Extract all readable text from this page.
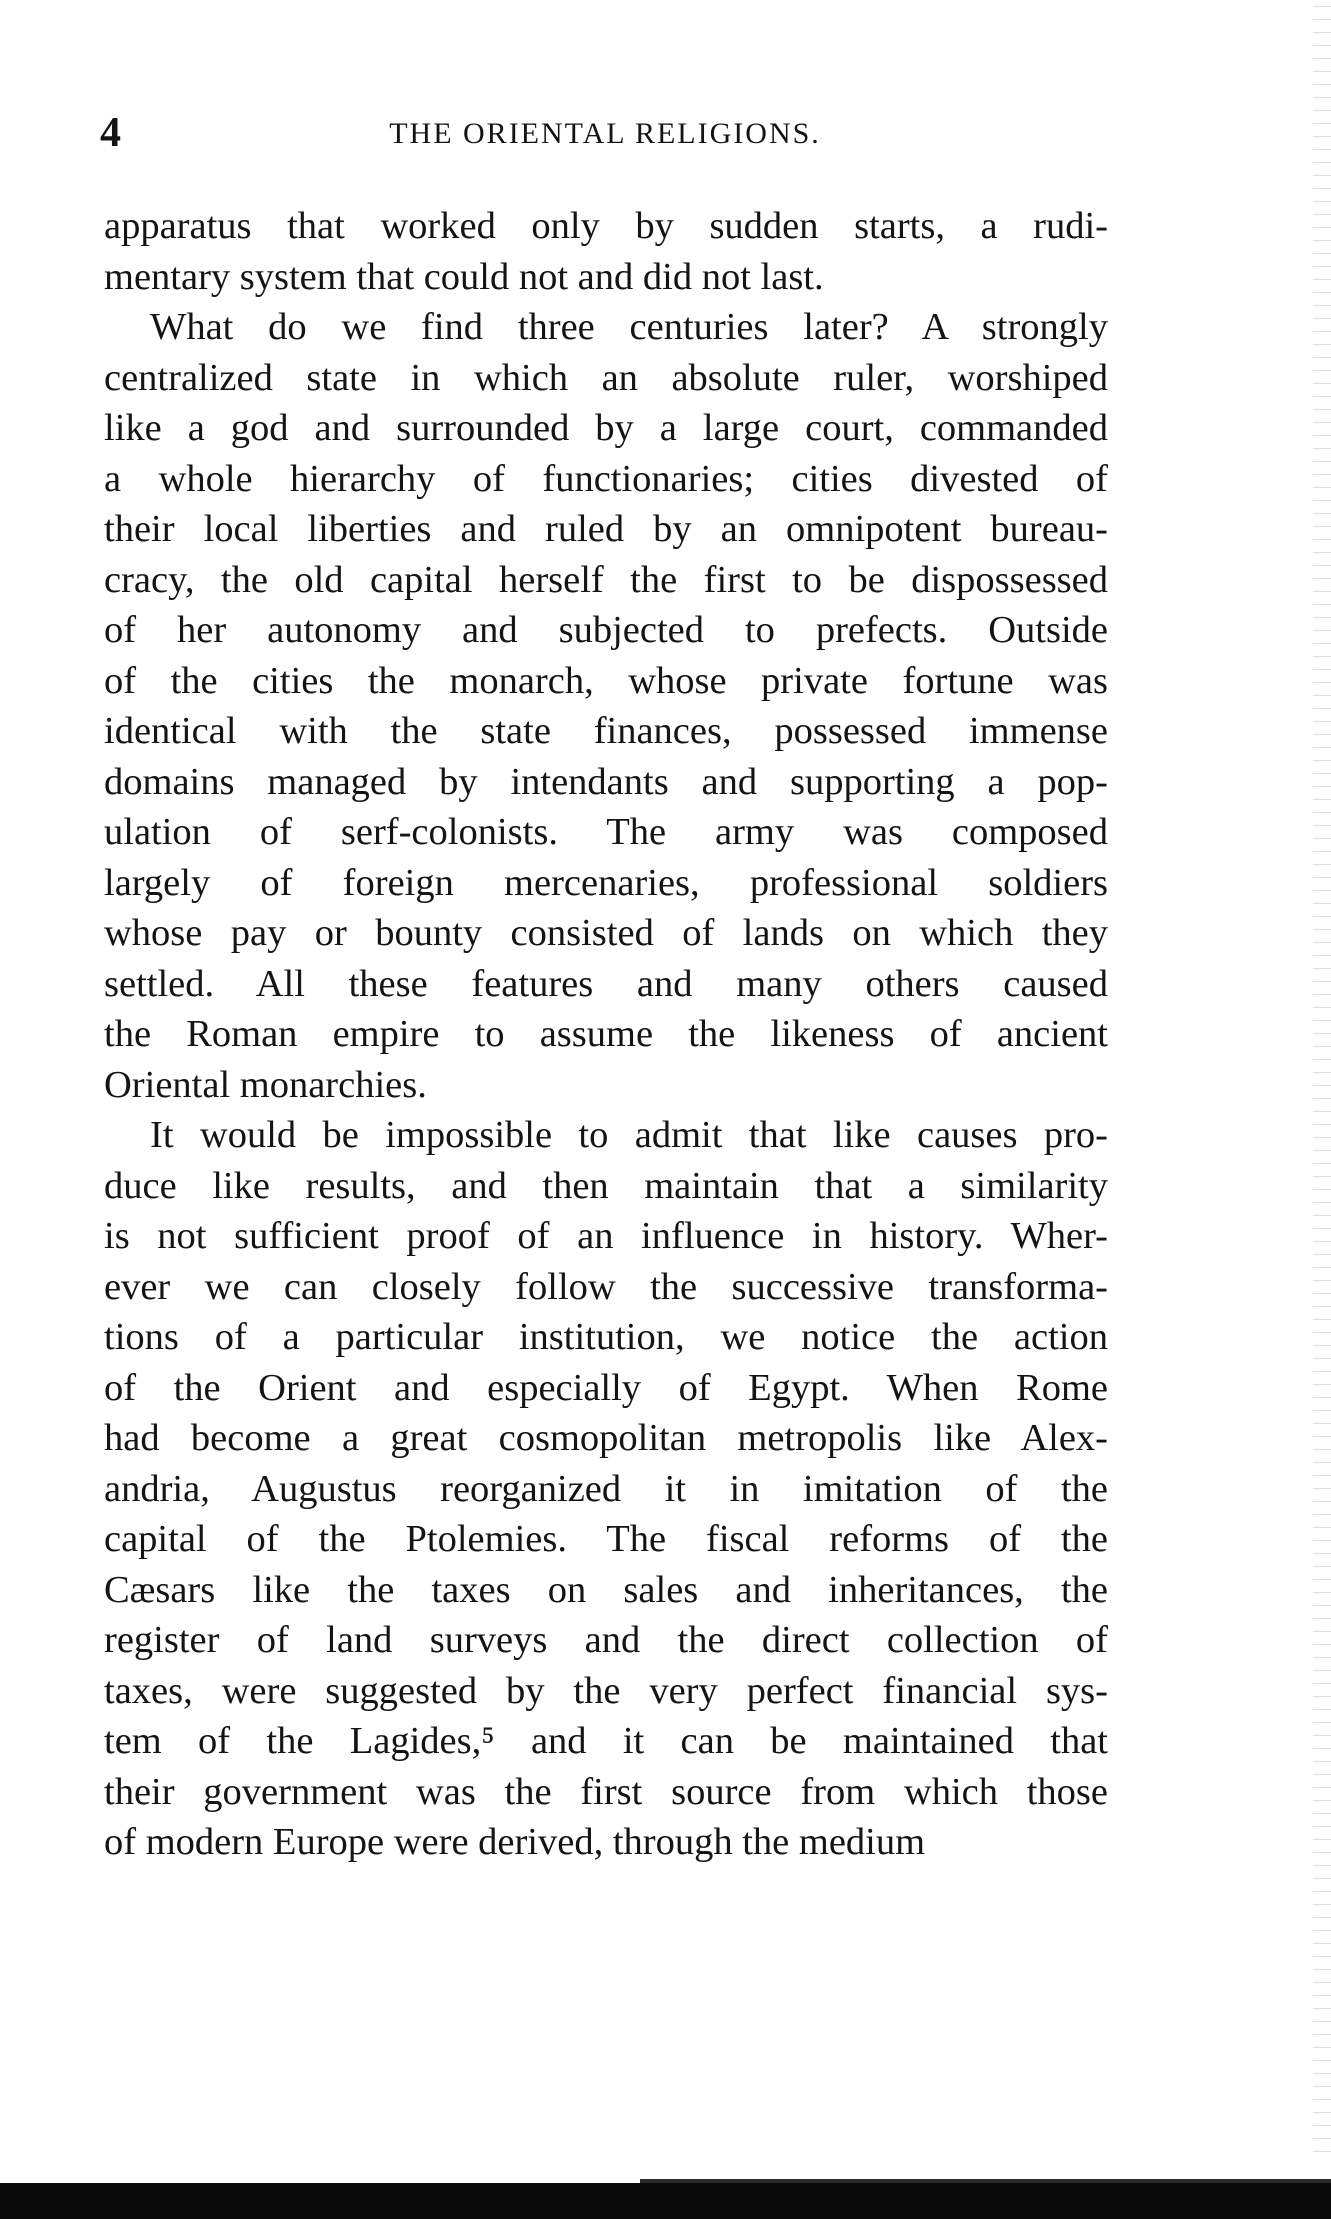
4	THE ORIENTAL RELIGIONS.

apparatus that worked only by sudden starts, a rudi-
mentary system that could not and did not last.

What do we find three centuries later? A strongly
centralized state in which an absolute ruler, worshiped
like a god and surrounded by a large court, commanded
a whole hierarchy of functionaries; cities divested of
their local liberties and ruled by an omnipotent bureau-
cracy, the old capital herself the first to be dispossessed
of her autonomy and subjected to prefects. Outside
of the cities the monarch, whose private fortune was
identical with the state finances, possessed immense
domains managed by intendants and supporting a pop-
ulation of serf-colonists. The army was composed
largely of foreign mercenaries, professional soldiers
whose pay or bounty consisted of lands on which they
settled. All these features and many others caused
the Roman empire to assume the likeness of ancient
Oriental monarchies.

It would be impossible to admit that like causes pro-
duce like results, and then maintain that a similarity
is not sufficient proof of an influence in history. Wher-
ever we can closely follow the successive transforma-
tions of a particular institution, we notice the action
of the Orient and especially of Egypt. When Rome
had become a great cosmopolitan metropolis like Alex-
andria, Augustus reorganized it in imitation of the
capital of the Ptolemies. The fiscal reforms of the
Cæsars like the taxes on sales and inheritances, the
register of land surveys and the direct collection of
taxes, were suggested by the very perfect financial sys-
tem of the Lagides,⁵ and it can be maintained that
their government was the first source from which those
of modern Europe were derived, through the medium
